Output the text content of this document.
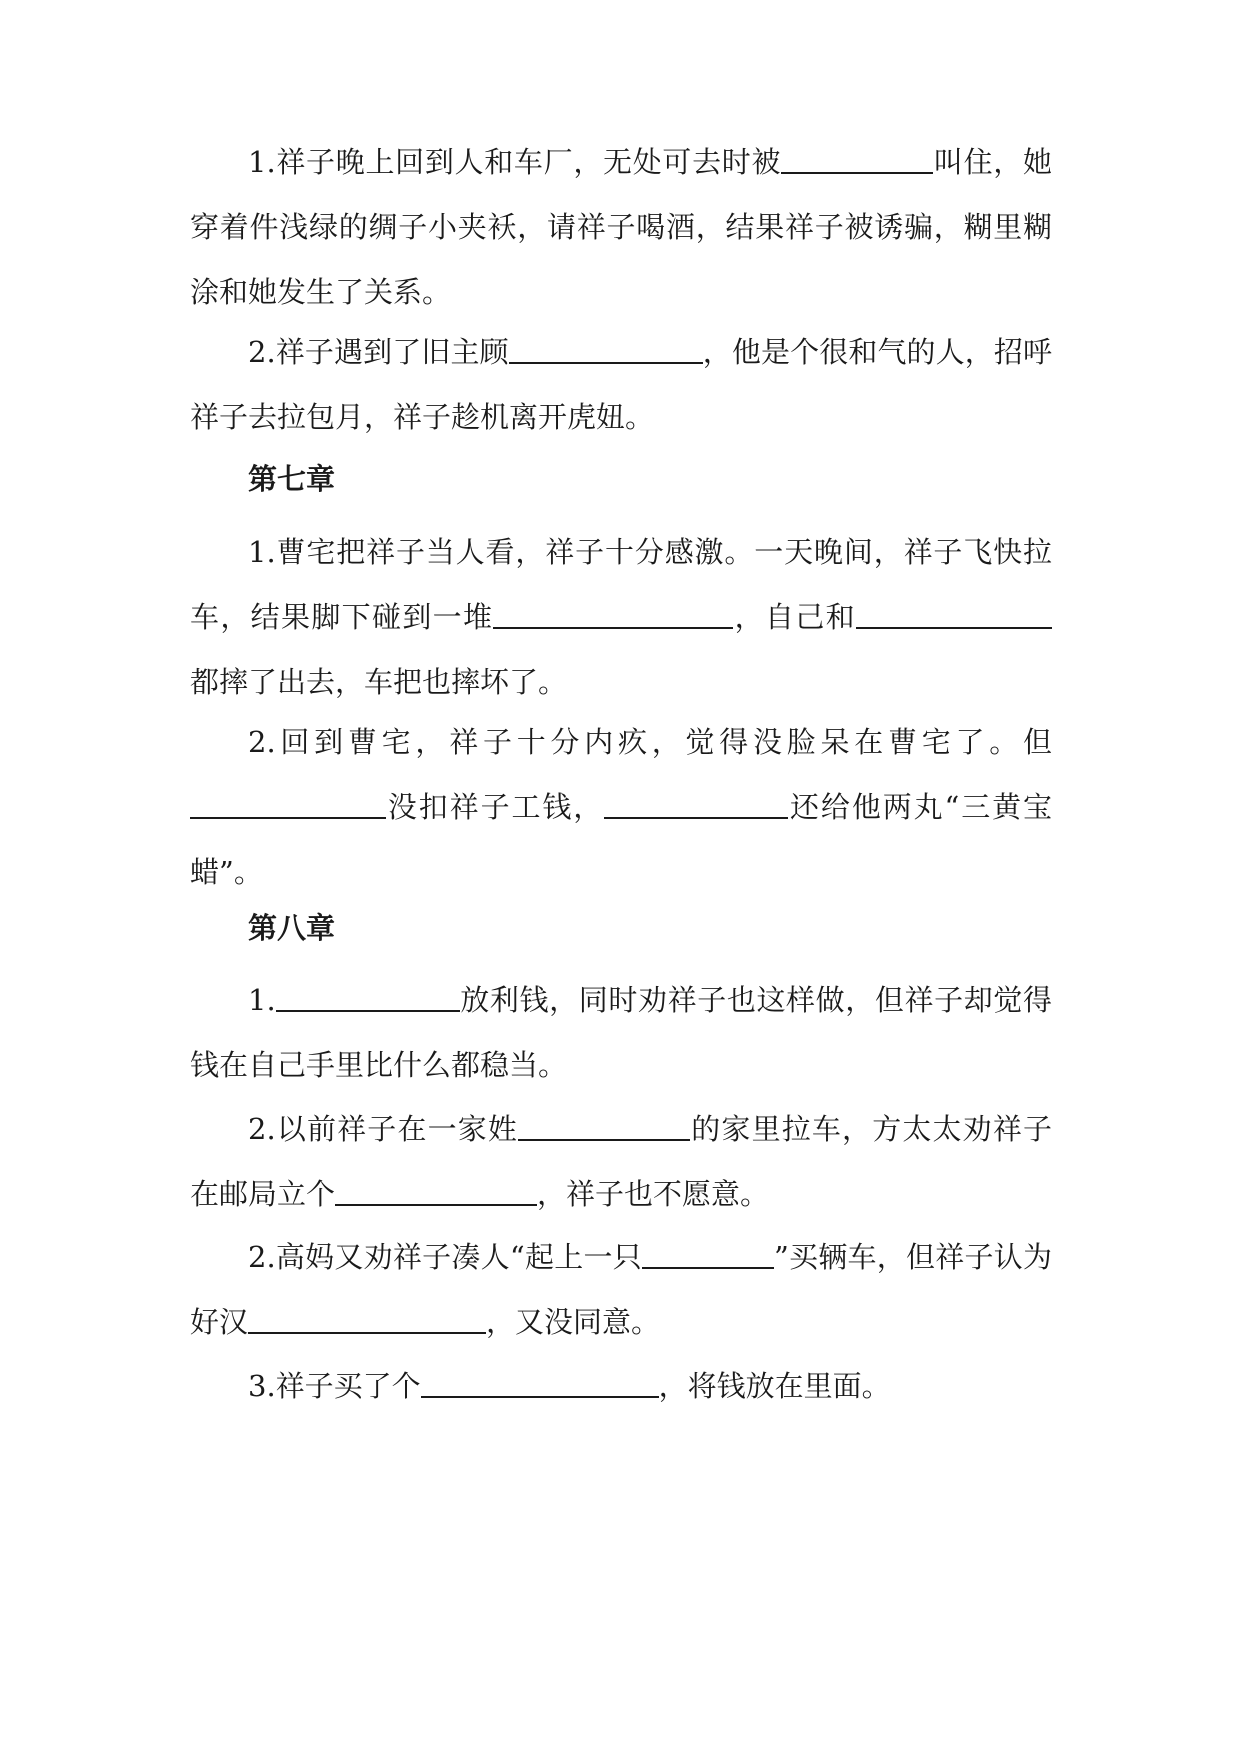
1.祥子晚上回到人和车厂，无处可去时被	叫住，她穿着件浅绿的绸子小夹袄，请祥子喝酒，结果祥子被诱骗，糊里糊涂和她发生了关系。

2.祥子遇到了旧主顾	，他是个很和气的人，招呼祥子去拉包月，祥子趁机离开虎妞。

第七章

1.曹宅把祥子当人看，祥子十分感激。一天晚间，祥子飞快拉车，结果脚下碰到一堆	，自己和都摔了出去，车把也摔坏了。

2.回到曹宅，祥子十分内疚，觉得没脸呆在曹宅了。但没扣祥子工钱，	还给他两丸“三黄宝蜡”。

第八章

1.	放利钱，同时劝祥子也这样做，但祥子却觉得钱在自己手里比什么都稳当。

2.以前祥子在一家姓	的家里拉车，方太太劝祥子在邮局立个	，祥子也不愿意。

2.高妈又劝祥子凑人“起上一只	”买辆车，但祥子认为好汉	，又没同意。

3.祥子买了个	，将钱放在里面。
